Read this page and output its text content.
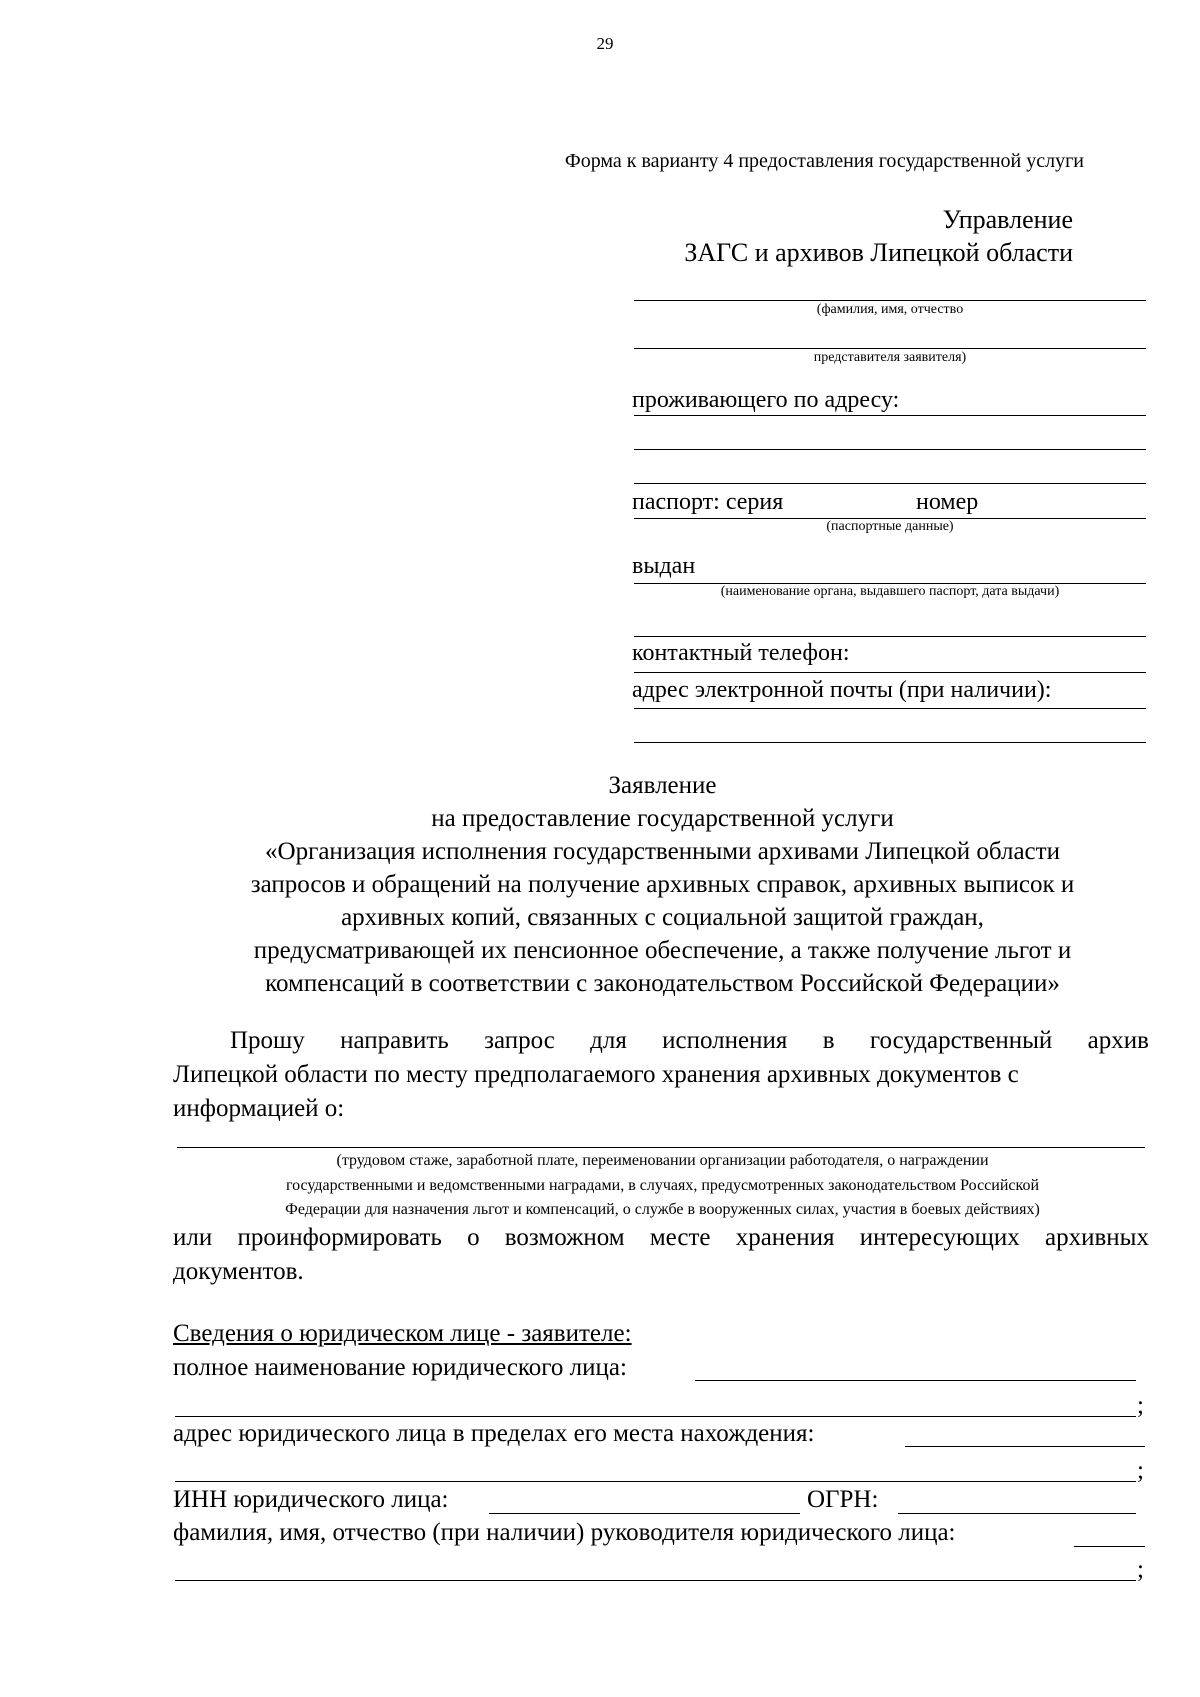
29
Форма к варианту 4 предоставления государственной услуги
Управление
ЗАГС и архивов Липецкой области
(фамилия, имя, отчество
представителя заявителя)
проживающего по адресу:
паспорт: серия	номер
(паспортные данные)
выдан
(наименование органа, выдавшего паспорт, дата выдачи)
контактный телефон:
адрес электронной почты (при наличии):
Заявление
на предоставление государственной услуги
«Организация исполнения государственными архивами Липецкой области
запросов и обращений на получение архивных справок, архивных выписок и
архивных копий, связанных с социальной защитой граждан,
предусматривающей их пенсионное обеспечение, а также получение льгот и
компенсаций в соответствии с законодательством Российской Федерации»
Прошу направить запрос для исполнения в государственный архив
Липецкой области по месту предполагаемого хранения архивных документов с
информацией о:
(трудовом стаже, заработной плате, переименовании организации работодателя, о награждении
государственными и ведомственными наградами, в случаях, предусмотренных законодательством Российской
Федерации для назначения льгот и компенсаций, о службе в вооруженных силах, участия в боевых действиях)
или проинформировать о возможном месте хранения интересующих архивных
документов.
Сведения о юридическом лице - заявителе:
полное наименование юридического лица:
;
адрес юридического лица в пределах его места нахождения:
;
ИНН юридического лица:	ОГРН:
фамилия, имя, отчество (при наличии) руководителя юридического лица:
;
